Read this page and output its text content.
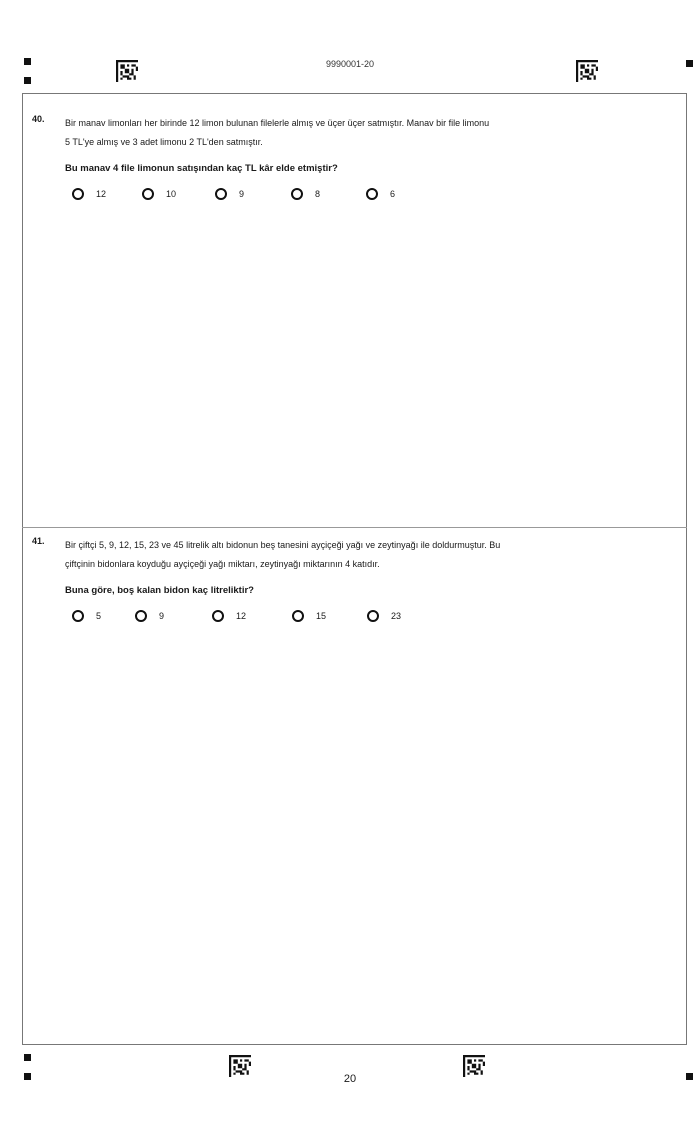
9990001-20
40. Bir manav limonları her birinde 12 limon bulunan filelerle almış ve üçer üçer satmıştır. Manav bir file limonu
5 TL'ye almış ve 3 adet limonu 2 TL'den satmıştır.
Bu manav 4 file limonun satışından kaç TL kâr elde etmiştir?
12	10	9	8	6
41. Bir çiftçi 5, 9, 12, 15, 23 ve 45 litrelik altı bidonun beş tanesini ayçiçeği yağı ve zeytinyağı ile doldurmuştur. Bu
çiftçinin bidonlara koyduğu ayçiçeği yağı miktarı, zeytinyağı miktarının 4 katıdır.
Buna göre, boş kalan bidon kaç litreliktir?
5	9	12	15	23
20
